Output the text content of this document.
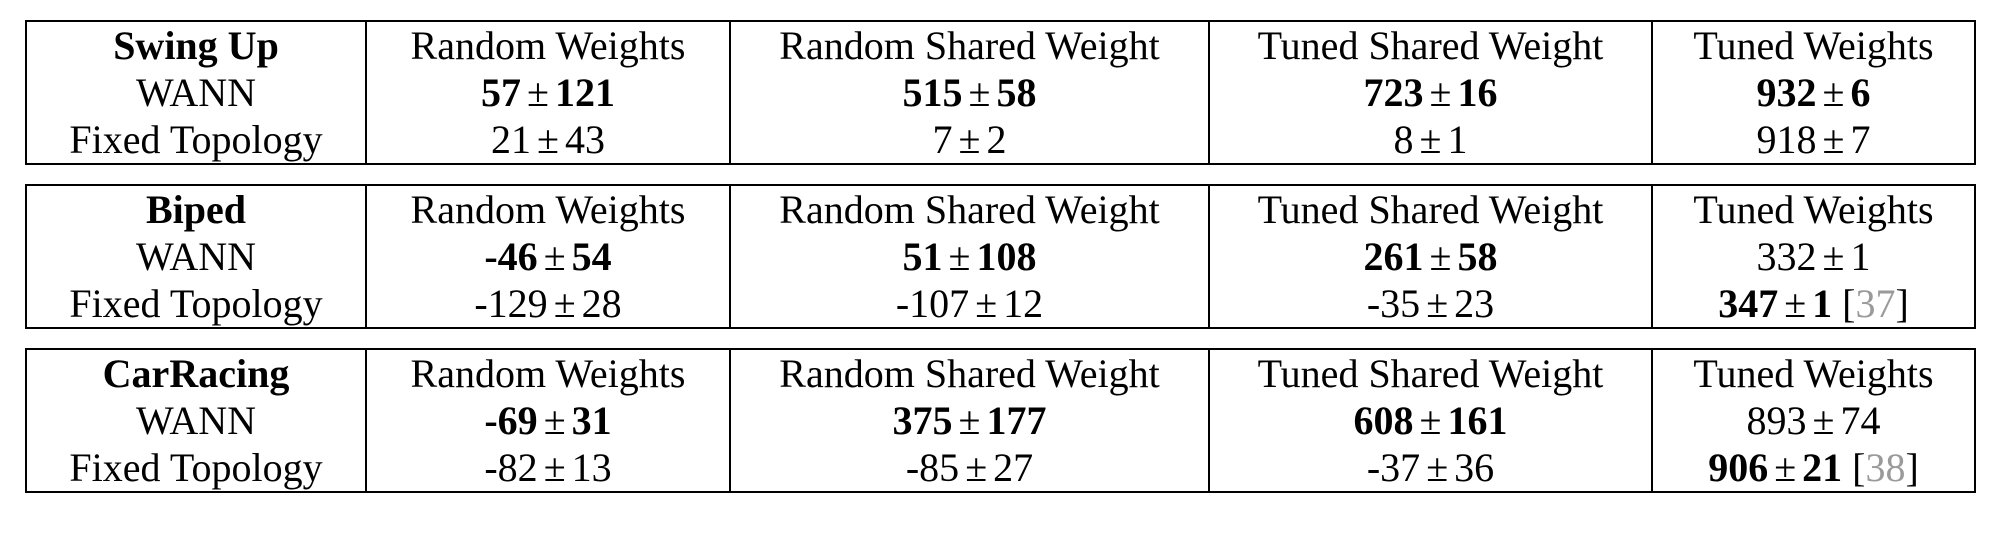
Swing Up	Random Weights	Random Shared Weight	Tuned Shared Weight	Tuned Weights
WANN	57 ± 121	515 ± 58	723 ± 16	932 ± 6
Fixed Topology	21 ± 43	7 ± 2	8 ± 1	918 ± 7
Biped	Random Weights	Random Shared Weight	Tuned Shared Weight	Tuned Weights
WANN	-46 ± 54	51 ± 108	261 ± 58	332 ± 1
Fixed Topology	-129 ± 28	-107 ± 12	-35 ± 23	347 ± 1 [37]
CarRacing	Random Weights	Random Shared Weight	Tuned Shared Weight	Tuned Weights
WANN	-69 ± 31	375 ± 177	608 ± 161	893 ± 74
Fixed Topology	-82 ± 13	-85 ± 27	-37 ± 36	906 ± 21 [38]
